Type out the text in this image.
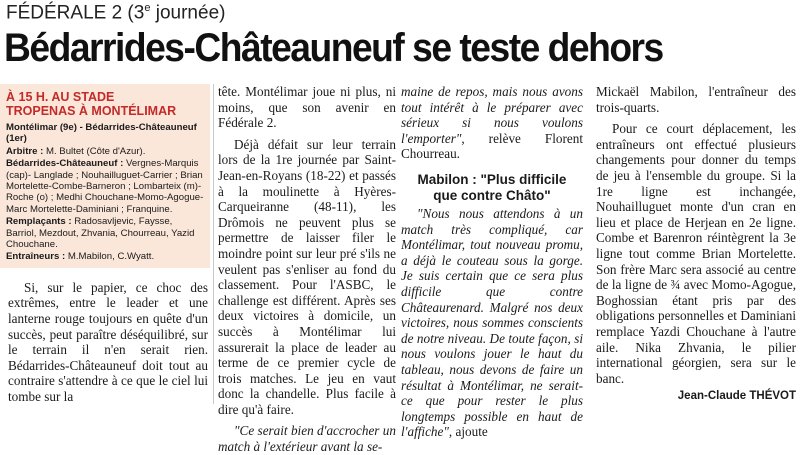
FÉDÉRALE 2 (3e journée)
Bédarrides-Châteauneuf se teste dehors
À 15 H. AU STADE
TROPENAS À MONTÉLIMAR

Montélimar (9e) - Bédarrides-Châteauneuf (1er)

Arbitre : M. Bultet (Côte d'Azur).

Bédarrides-Châteauneuf : Vergnes-Marquis (cap)- Langlade ; Nouhailluguet-Carrier ; Brian Mortelette-Combe-Barneron ; Lombarteix (m)- Roche (o) ; Medhi Chouchane-Momo-Agogue-Marc Mortelette-Daminiani ; Franquine.

Remplaçants : Radosavljevic, Faysse, Barriol, Mezdout, Zhvania, Chourreau, Yazid Chouchane.

Entraîneurs : M.Mabilon, C.Wyatt.

Si, sur le papier, ce choc des extrêmes, entre le leader et une lanterne rouge toujours en quête d'un succès, peut paraître déséquilibré, sur le terrain il n'en serait rien. Bédarrides-Châteauneuf doit tout au contraire s'attendre à ce que le ciel lui tombe sur la

tête. Montélimar joue ni plus, ni moins, que son avenir en Fédérale 2.

Déjà défait sur leur terrain lors de la 1re journée par Saint-Jean-en-Royans (18-22) et passés à la moulinette à Hyères-Carqueiranne (48-11), les Drômois ne peuvent plus se permettre de laisser filer le moindre point sur leur pré s'ils ne veulent pas s'enliser au fond du classement. Pour l'ASBC, le challenge est différent. Après ses deux victoires à domicile, un succès à Montélimar lui assurerait la place de leader au terme de ce premier cycle de trois matches. Le jeu en vaut donc la chandelle. Plus facile à dire qu'à faire.

"Ce serait bien d'accrocher un match à l'extérieur avant la se-

maine de repos, mais nous avons tout intérêt à le préparer avec sérieux si nous voulons l'emporter", relève Florent Chourreau.

Mabilon : "Plus difficile
que contre Châto"

"Nous nous attendons à un match très compliqué, car Montélimar, tout nouveau promu, a déjà le couteau sous la gorge. Je suis certain que ce sera plus difficile que contre Châteaurenard. Malgré nos deux victoires, nous sommes conscients de notre niveau. De toute façon, si nous voulons jouer le haut du tableau, nous devons de faire un résultat à Montélimar, ne serait-ce que pour rester le plus longtemps possible en haut de l'affiche", ajoute

Mickaël Mabilon, l'entraîneur des trois-quarts.

Pour ce court déplacement, les entraîneurs ont effectué plusieurs changements pour donner du temps de jeu à l'ensemble du groupe. Si la 1re ligne est inchangée, Nouhailluguet monte d'un cran en lieu et place de Herjean en 2e ligne. Combe et Barenron réintègrent la 3e ligne tout comme Brian Mortelette. Son frère Marc sera associé au centre de la ligne de ¾ avec Momo-Agogue, Boghossian étant pris par des obligations personnelles et Daminiani remplace Yazdi Chouchane à l'autre aile. Nika Zhvania, le pilier international géorgien, sera sur le banc.

Jean-Claude THÉVOT
